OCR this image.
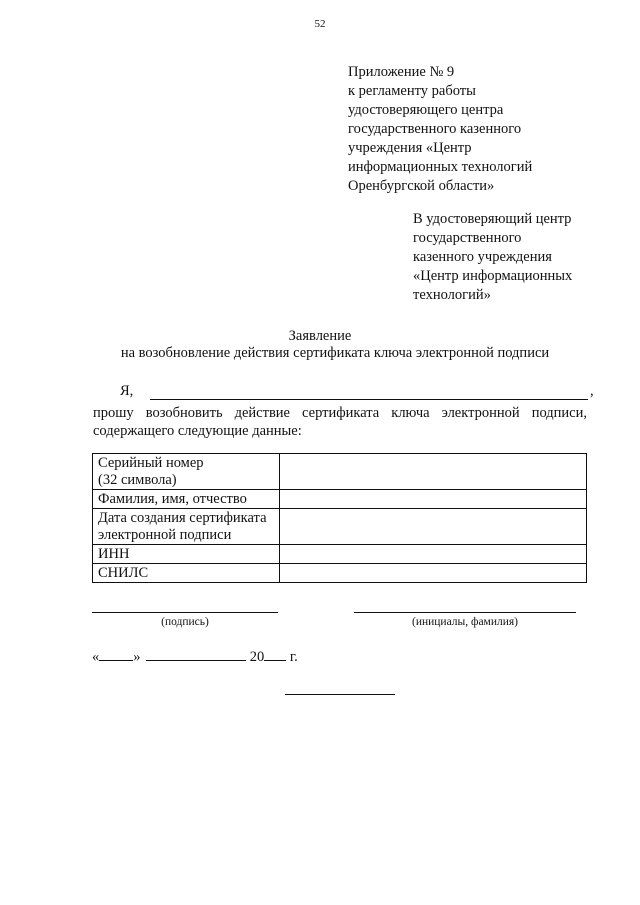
52
Приложение № 9
к регламенту работы
удостоверяющего центра
государственного казенного
учреждения «Центр
информационных технологий
Оренбургской области»
В удостоверяющий центр
государственного
казенного учреждения
«Центр информационных
технологий»
Заявление
на возобновление действия сертификата ключа электронной подписи
Я,	,
прошу возобновить действие сертификата ключа электронной подписи,
содержащего следующие данные:
Серийный номер
(32 символа)	

Фамилия, имя, отчество	

Дата создания сертификата
электронной подписи	

ИНН	

СНИЛС	

(подпись)	(инициалы, фамилия)
« »	20 г.
